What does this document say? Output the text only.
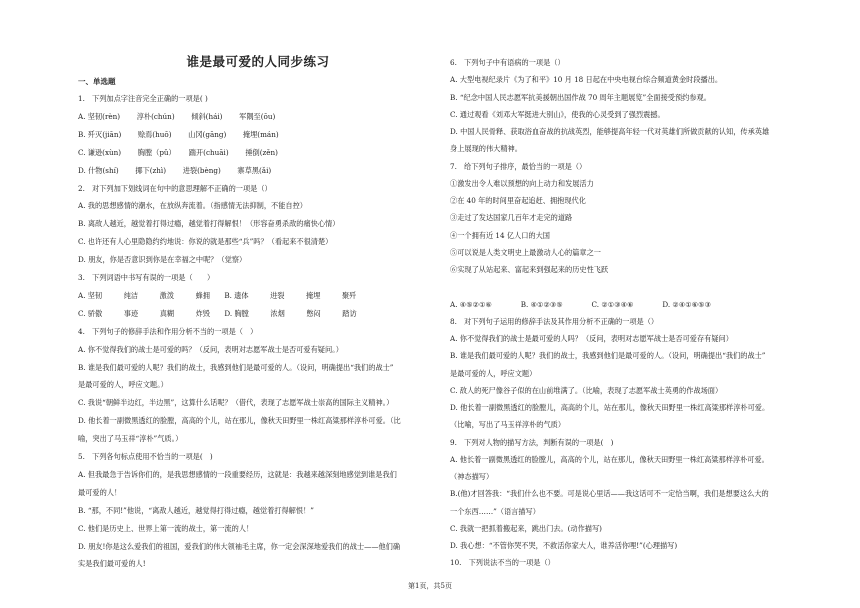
谁是最可爱的人同步练习
一、单选题
1.　下列加点字注音完全正确的一项是( )
A. 坚韧(rèn)　　 淳朴(chún)　　 倾斜(hái)　　 军隅至(ōu)
B. 歼灭(jiān)　　 赊焉(huō)　　 山冈(gāng)　　 掩埋(mán)
C. 谦逊(xùn)　　 胸膛（pǔ）　　 踹开(chuāi)　　 捶倒(zěn)
D. 什物(shí)　　 揶下(zhì)　　 进裂(bèng)　　 寨草黑(ǎi)
2.　对下列加下划线词在句中的意思理解不正确的一项是（）
A. 我的思想感情的潮水，在放纵奔流着。（指感情无法抑制，不能自控）
B. 离敌人越近，越觉着打得过瘾，越觉着打得解恨！（形容奋勇杀敌的痛快心情）
C. 也许还有人心里隐隐约约地说：你说的就是那些“兵”吗？（看起来不很清楚）
D. 朋友，你是否意识到你是在幸福之中呢？（觉察）
3.　下列词语中书写有误的一项是（　　）
A. 坚韧　　　纯洁　　　激泼　　　蜂拥　　B. 遗体　　　进裂　　　掩埋　　　聚歼
C. 骄傲　　　事迹　　　真糊　　　炸毁　　D. 胸膛　　　浓烟　　　憋闷　　　踏访
4.　下列句子的修辞手法和作用分析不当的一项是（　）
A. 你不觉得我们的战士是可爱的吗？（反问，表明对志愿军战士是否可爱有疑问。）
B. 谁是我们最可爱的人呢？我们的战士，我感到他们是最可爱的人。（设问，明确提出“我们的战士”
是最可爱的人，呼应文题。）
C. 我说“朝鲜半边红，半边黑”，这算什么话呢？（借代，表现了志愿军战士崇高的国际主义精神。）
D. 他长着一副微黑透红的脸膛，高高的个儿，站在那儿，像秋天田野里一株红高粱那样淳朴可爱。（比
喻，突出了马玉祥“淳朴”气质。）
5.　下列各句标点使用不恰当的一项是(　)
A. 但我最急于告诉你们的，是我思想感情的一段重要经历，这就是：我越来越深刻地感觉到谁是我们
最可爱的人！
B. “那，不同!”他说，“离敌人越近，越觉得打得过瘾，越觉着打得解恨！”
C. 他们是历史上、世界上第一流的战士，第一流的人！
D. 朋友!你是这么爱我们的祖国，爱我们的伟大领袖毛主席，你一定会深深地爱我们的战士——他们确
实是我们最可爱的人!
6.　下列句子中有语病的一项是（）
A. 大型电视纪录片《为了和平》10 月 18 日起在中央电视台综合频道黄金时段播出。
B. “纪念中国人民志愿军抗美援朝出国作战 70 周年主题展览”全面接受预约参观。
C. 通过观看《刘邓大军挺进大别山》，使我的心灵受到了强烈震撼。
D. 中国人民骨释、获取浴血奋战的抗战英烈，能够提高年轻一代对英雄们所做贡献的认知，传承英雄
身上展现的伟大精神。
7.　给下列句子排序，最恰当的一项是（）
①激发出令人难以预想的向上动力和发展活力
②在 40 年的时间里奋起追赶、拥抱现代化
③走过了发达国家几百年才走完的道路
④一个拥有近 14 亿人口的大国
⑤可以说是人类文明史上最激动人心的篇章之一
⑥实现了从站起来、富起来到强起来的历史性飞跃
A. ④⑤②①⑥　　　　B. ④①②③⑤　　　　C. ②①③④⑥　　　　D. ②④①⑥⑤③
8.　对下列句子运用的修辞手法及其作用分析不正确的一项是（）
A. 你不觉得我们的战士是最可爱的人吗？（反问，表明对志愿军战士是否可爱存有疑问）
B. 谁是我们最可爱的人呢？我们的战士，我感到他们是最可爱的人。（设问，明确提出“我们的战士”
是最可爱的人，呼应文题）
C. 敌人的死尸像谷子似的在山前堆满了。（比喻，表现了志愿军战士英勇的作战场面）
D. 他长着一副微黑透红的脸膛儿，高高的个儿，站在那儿，像秋天田野里一株红高粱那样淳朴可爱。
（比喻，写出了马玉祥淳朴的气质）
9.　下列对人物的描写方法，判断有误的一项是(　)
A. 他长着一副微黑透红的脸膛儿，高高的个儿，站在那儿，像秋天田野里一株红高粱那样淳朴可爱。
（神态描写）
B.(他)才回答我：“我们什么也不要。可是说心里话——我这话可不一定恰当啊，我们是想要这么大的
一个东西……”（语言描写）
C. 我就一把抓着搬起来，跳出门去。(动作描写)
D. 我心想：“不管你哭不哭，不救活你家大人，谁养活你哩!”(心理描写)
10.　下列说法不当的一项是（）
第1页，共5页
